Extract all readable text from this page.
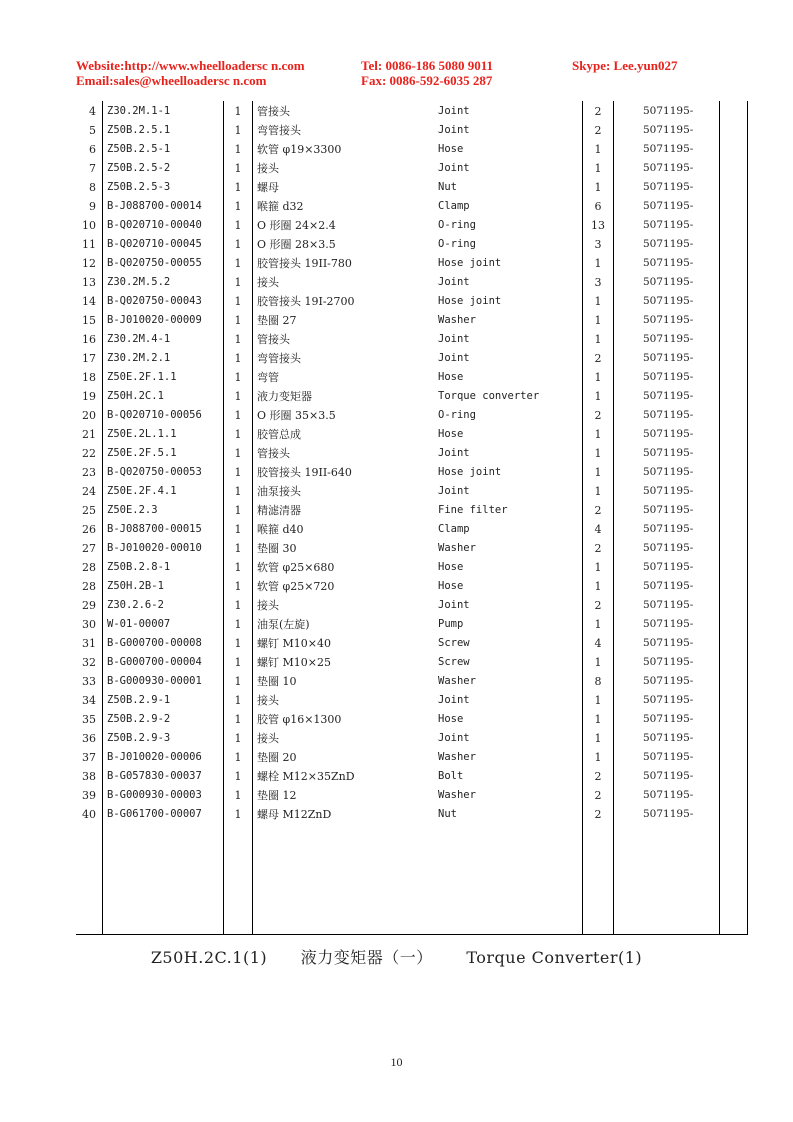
Website:http://www.wheelloadersc n.com
Email:sales@wheelloadersc n.com
Tel: 0086-186 5080 9011
Fax: 0086-592-6035 287
Skype: Lee.yun027
4 Z30.2M.1-1	1	管接头	Joint	2	5071195-
5 Z50B.2.5.1	1	弯管接头	Joint	2	5071195-
6 Z50B.2.5-1	1	软管 φ19×3300	Hose	1	5071195-
7 Z50B.2.5-2	1	接头	Joint	1	5071195-
8 Z50B.2.5-3	1	螺母	Nut	1	5071195-
9 B-J088700-00014	1	喉箍 d32	Clamp	6	5071195-
10 B-Q020710-00040	1	O 形圈 24×2.4	O-ring	13	5071195-
11 B-Q020710-00045	1	O 形圈 28×3.5	O-ring	3	5071195-
12 B-Q020750-00055	1	胶管接头 19II-780	Hose joint	1	5071195-
13 Z30.2M.5.2	1	接头	Joint	3	5071195-
14 B-Q020750-00043	1	胶管接头 19I-2700	Hose joint	1	5071195-
15 B-J010020-00009	1	垫圈 27	Washer	1	5071195-
16 Z30.2M.4-1	1	管接头	Joint	1	5071195-
17 Z30.2M.2.1	1	弯管接头	Joint	2	5071195-
18 Z50E.2F.1.1	1	弯管	Hose	1	5071195-
19 Z50H.2C.1	1	液力变矩器	Torque converter	1	5071195-
20 B-Q020710-00056	1	O 形圈 35×3.5	O-ring	2	5071195-
21 Z50E.2L.1.1	1	胶管总成	Hose	1	5071195-
22 Z50E.2F.5.1	1	管接头	Joint	1	5071195-
23 B-Q020750-00053	1	胶管接头 19II-640	Hose joint	1	5071195-
24 Z50E.2F.4.1	1	油泵接头	Joint	1	5071195-
25 Z50E.2.3	1	精滤清器	Fine filter	2	5071195-
26 B-J088700-00015	1	喉箍 d40	Clamp	4	5071195-
27 B-J010020-00010	1	垫圈 30	Washer	2	5071195-
28 Z50B.2.8-1	1	软管 φ25×680	Hose	1	5071195-
28 Z50H.2B-1	1	软管 φ25×720	Hose	1	5071195-
29 Z30.2.6-2	1	接头	Joint	2	5071195-
30 W-01-00007	1	油泵(左旋)	Pump	1	5071195-
31 B-G000700-00008	1	螺钉 M10×40	Screw	4	5071195-
32 B-G000700-00004	1	螺钉 M10×25	Screw	1	5071195-
33 B-G000930-00001	1	垫圈 10	Washer	8	5071195-
34 Z50B.2.9-1	1	接头	Joint	1	5071195-
35 Z50B.2.9-2	1	胶管 φ16×1300	Hose	1	5071195-
36 Z50B.2.9-3	1	接头	Joint	1	5071195-
37 B-J010020-00006	1	垫圈 20	Washer	1	5071195-
38 B-G057830-00037	1	螺栓 M12×35ZnD	Bolt	2	5071195-
39 B-G000930-00003	1	垫圈 12	Washer	2	5071195-
40 B-G061700-00007	1	螺母 M12ZnD	Nut	2	5071195-
Z50H.2C.1(1) 液力变矩器（一） Torque Converter(1)
10
